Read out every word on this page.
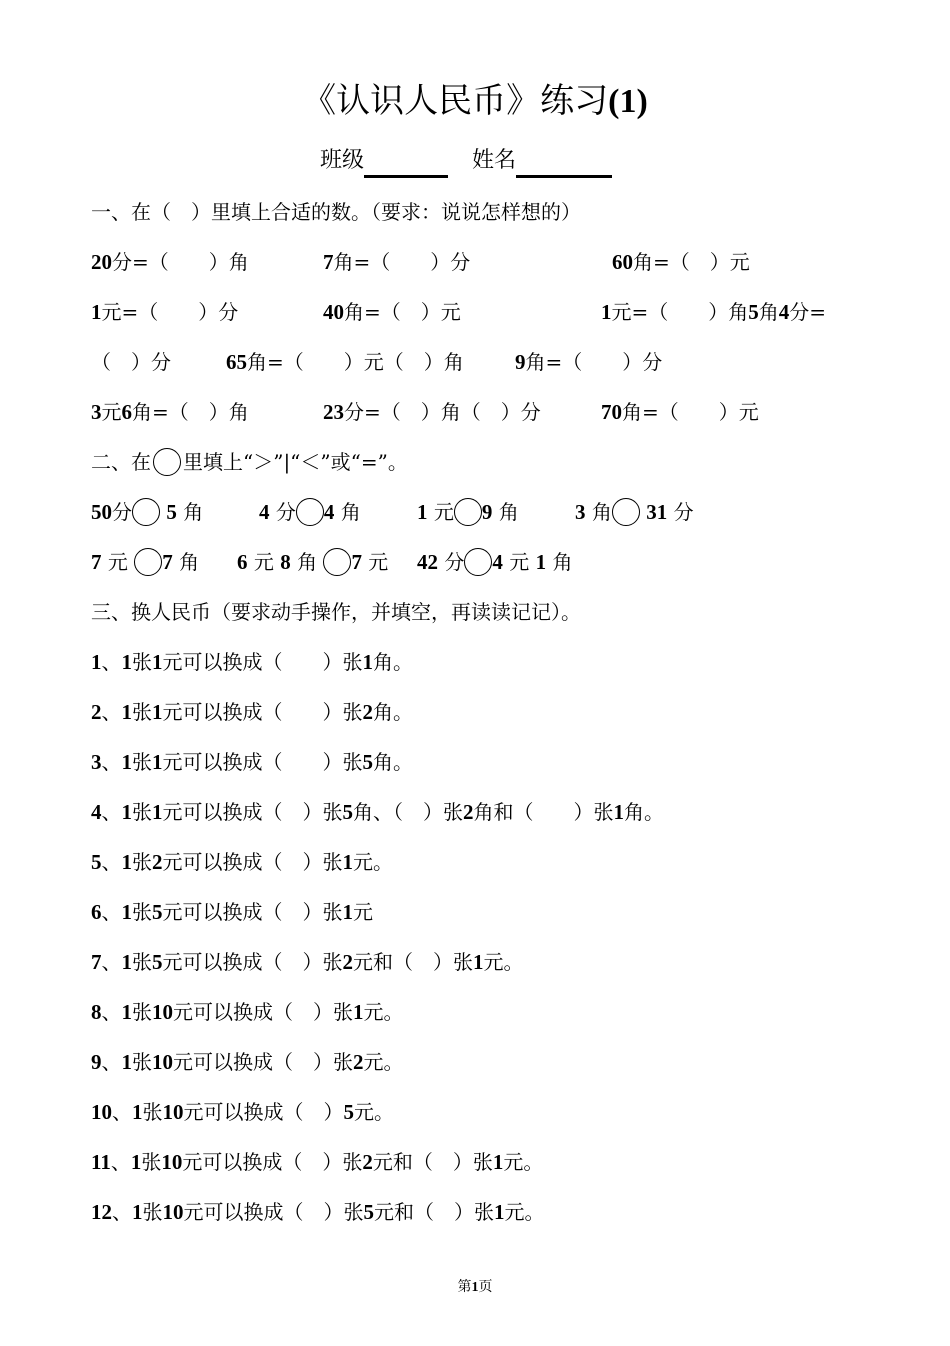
《认识人民币》练习(1)
班级	姓名
一、在（　）里填上合适的数。（要求：说说怎样想的）
20分=（　　）角	7角=（　　）分	60角=（　）元
1元=（　　）分	40角=（　）元	1元=（　　）角5角4分=
（　）分	65角=（　　）元（　）角 9角=（　　）分
3元6角=（　）角	23分=（　）角（　）分	70角=（　　）元
二、在 里填上“＞”|“＜”或“=”。
50分 5 角	4 分 4 角	1 元 9 角	3 角 31 分
7 元 7 角 6 元 8 角 7 元 42 分 4 元 1 角
三、换人民币（要求动手操作，并填空，再读读记记）。
1、1张1元可以换成（　　）张1角。
2、1张1元可以换成（　　）张2角。
3、1张1元可以换成（　　）张5角。
4、1张1元可以换成（　）张5角、（　）张2角和（　　）张1角。
5、1张2元可以换成（　）张1元。
6、1张5元可以换成（　）张1元
7、1张5元可以换成（　）张2元和（　）张1元。
8、1张10元可以换成（　）张1元。
9、1张10元可以换成（　）张2元。
10、1张10元可以换成（　）5元。
11、1张10元可以换成（　）张2元和（　）张1元。
12、1张10元可以换成（　）张5元和（　）张1元。
第1页
